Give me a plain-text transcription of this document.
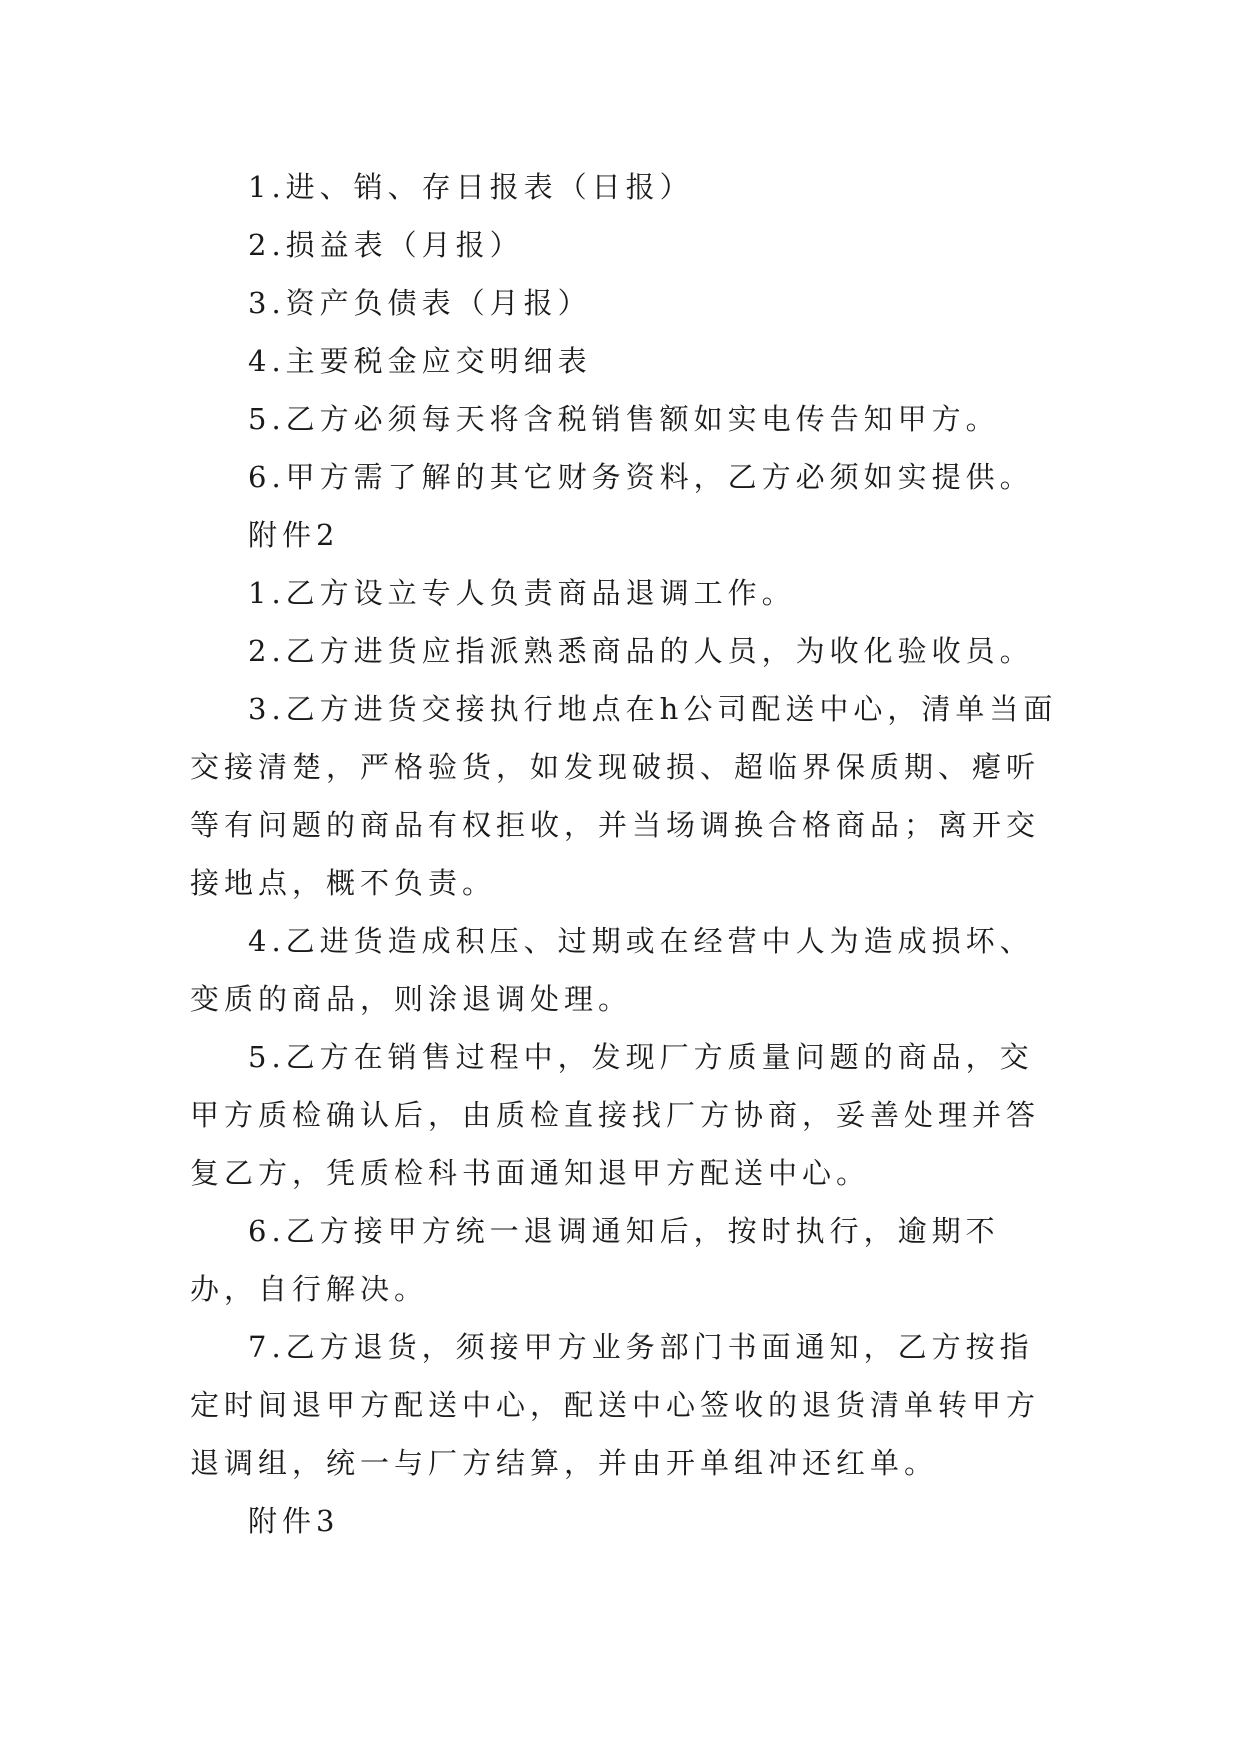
1.进、销、存日报表（日报）

2.损益表（月报）

3.资产负债表（月报）

4.主要税金应交明细表

5.乙方必须每天将含税销售额如实电传告知甲方。

6.甲方需了解的其它财务资料，乙方必须如实提供。

附件2

1.乙方设立专人负责商品退调工作。

2.乙方进货应指派熟悉商品的人员，为收化验收员。

3.乙方进货交接执行地点在h公司配送中心，清单当面交接清楚，严格验货，如发现破损、超临界保质期、瘪听等有问题的商品有权拒收，并当场调换合格商品；离开交接地点，概不负责。

4.乙进货造成积压、过期或在经营中人为造成损坏、变质的商品，则涂退调处理。

5.乙方在销售过程中，发现厂方质量问题的商品，交甲方质检确认后，由质检直接找厂方协商，妥善处理并答复乙方，凭质检科书面通知退甲方配送中心。

6.乙方接甲方统一退调通知后，按时执行，逾期不办，自行解决。

7.乙方退货，须接甲方业务部门书面通知，乙方按指定时间退甲方配送中心，配送中心签收的退货清单转甲方退调组，统一与厂方结算，并由开单组冲还红单。

附件3
